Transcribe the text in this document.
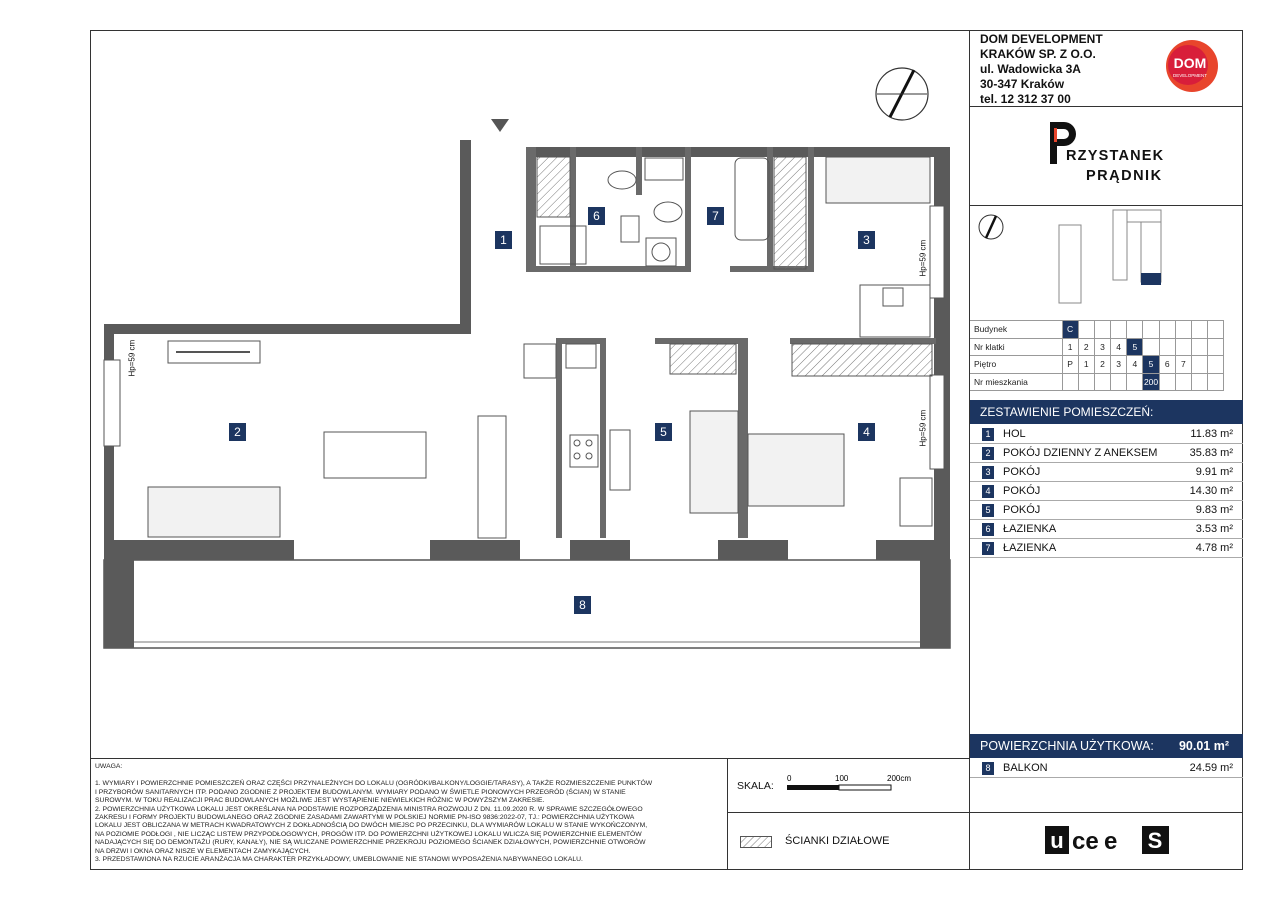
1
2
3
4
5
6	7
8
Hp=59 cm
Hp=59 cm
Hp=59 cm
DOM DEVELOPMENT
KRAKÓW SP. Z O.O.
ul. Wadowicka 3A
30-347 Kraków
tel. 12 312 37 00
DOM
DEVELOPMENT
RZYSTANEK
PRĄDNIK
Budynek	C									
Nr klatki	1	2	3	4	5					
Piętro	P	1	2	3	4	5	6	7		
Nr mieszkania						200				
ZESTAWIENIE POMIESZCZEŃ:
1	HOL	11.83 m²
2	POKÓJ DZIENNY Z ANEKSEM	35.83 m²
3	POKÓJ	9.91 m²
4	POKÓJ	14.30 m²
5	POKÓJ	9.83 m²
6	ŁAZIENKA	3.53 m²
7	ŁAZIENKA	4.78 m²
POWIERZCHNIA UŻYTKOWA: 90.01 m²
8	BALKON	24.59 m²
UWAGA:
1. WYMIARY I POWIERZCHNIE POMIESZCZEŃ ORAZ CZĘŚCI PRZYNALEŻNYCH DO LOKALU (OGRÓDKI/BALKONY/LOGGIE/TARASY), A TAKŻE ROZMIESZCZENIE PUNKTÓW
I PRZYBORÓW SANITARNYCH ITP. PODANO ZGODNIE Z PROJEKTEM BUDOWLANYM. WYMIARY PODANO W ŚWIETLE PIONOWYCH PRZEGRÓD (ŚCIAN) W STANIE
SUROWYM. W TOKU REALIZACJI PRAC BUDOWLANYCH MOŻLIWE JEST WYSTĄPIENIE NIEWIELKICH RÓŻNIC W POWYŻSZYM ZAKRESIE.
2. POWIERZCHNIA UŻYTKOWA LOKALU JEST OKREŚLANA NA PODSTAWIE ROZPORZĄDZENIA MINISTRA ROZWOJU Z DN. 11.09.2020 R. W SPRAWIE SZCZEGÓŁOWEGO
ZAKRESU I FORMY PROJEKTU BUDOWLANEGO ORAZ ZGODNIE ZASADAMI ZAWARTYMI W POLSKIEJ NORMIE PN-ISO 9836:2022-07, TJ.: POWIERZCHNIA UŻYTKOWA
LOKALU JEST OBLICZANA W METRACH KWADRATOWYCH Z DOKŁADNOŚCIĄ DO DWÓCH MIEJSC PO PRZECINKU, DLA WYMIARÓW LOKALU W STANIE WYKOŃCZONYM,
NA POZIOMIE PODŁOGI , NIE LICZĄC LISTEW PRZYPODŁOGOWYCH, PROGÓW ITP. DO POWIERZCHNI UŻYTKOWEJ LOKALU WLICZA SIĘ POWIERZCHNIE ELEMENTÓW
NADAJĄCYCH SIĘ DO DEMONTAŻU (RURY, KANAŁY), NIE SĄ WLICZANE POWIERZCHNIE PRZEKROJU POZIOMEGO ŚCIANEK DZIAŁOWYCH, POWIERZCHNIE OTWORÓW
NA DRZWI I OKNA ORAZ NISZE W ELEMENTACH ZAMYKAJĄCYCH.
3. PRZEDSTAWIONA NA RZUCIE ARANŻACJA MA CHARAKTER PRZYKŁADOWY, UMEBLOWANIE NIE STANOWI WYPOSAŻENIA NABYWANEGO LOKALU.
SKALA:
0	100	200cm
ŚCIANKI DZIAŁOWE	u ce e S
